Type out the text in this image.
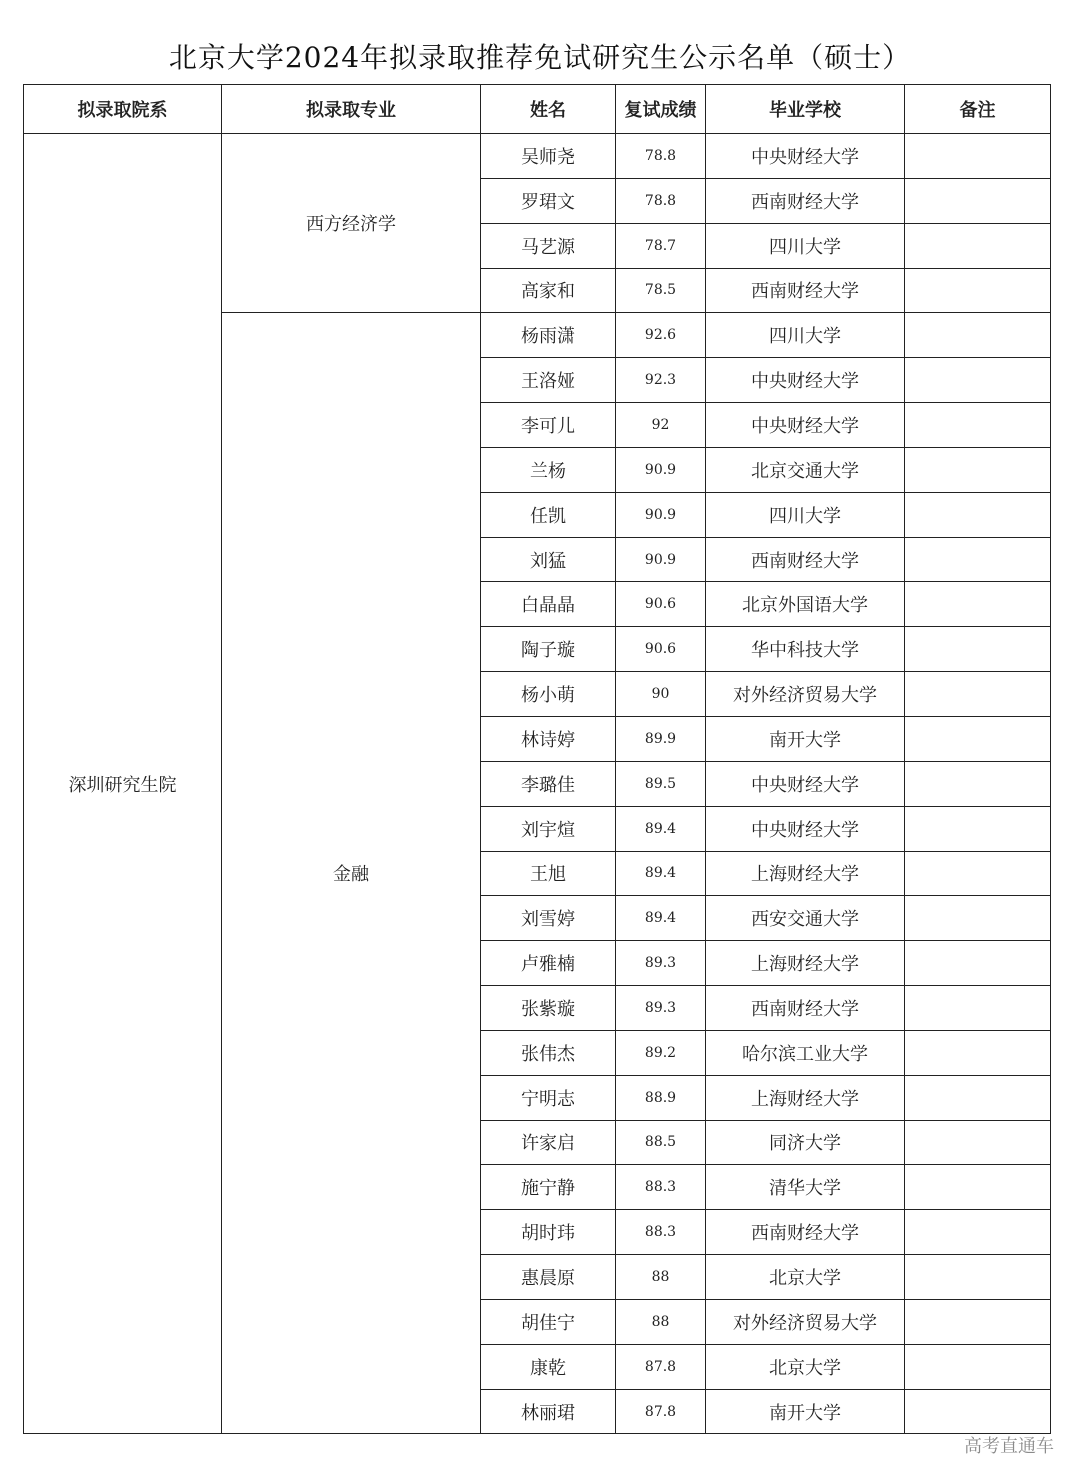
北京大学2024年拟录取推荐免试研究生公示名单（硕士）
拟录取院系	拟录取专业	姓名	复试成绩	毕业学校	备注
深圳研究生院	西方经济学	吴师尧	78.8	中央财经大学	
		罗珺文	78.8	西南财经大学	
		马艺源	78.7	四川大学	
		高家和	78.5	西南财经大学	
	金融	杨雨潇	92.6	四川大学	
		王洛娅	92.3	中央财经大学	
		李可儿	92	中央财经大学	
		兰杨	90.9	北京交通大学	
		任凯	90.9	四川大学	
		刘猛	90.9	西南财经大学	
		白晶晶	90.6	北京外国语大学	
		陶子璇	90.6	华中科技大学	
		杨小萌	90	对外经济贸易大学	
		林诗婷	89.9	南开大学	
		李璐佳	89.5	中央财经大学	
		刘宇煊	89.4	中央财经大学	
		王旭	89.4	上海财经大学	
		刘雪婷	89.4	西安交通大学	
		卢雅楠	89.3	上海财经大学	
		张紫璇	89.3	西南财经大学	
		张伟杰	89.2	哈尔滨工业大学	
		宁明志	88.9	上海财经大学	
		许家启	88.5	同济大学	
		施宁静	88.3	清华大学	
		胡时玮	88.3	西南财经大学	
		惠晨原	88	北京大学	
		胡佳宁	88	对外经济贸易大学	
		康乾	87.8	北京大学	
		林丽珺	87.8	南开大学	
高考直通车
